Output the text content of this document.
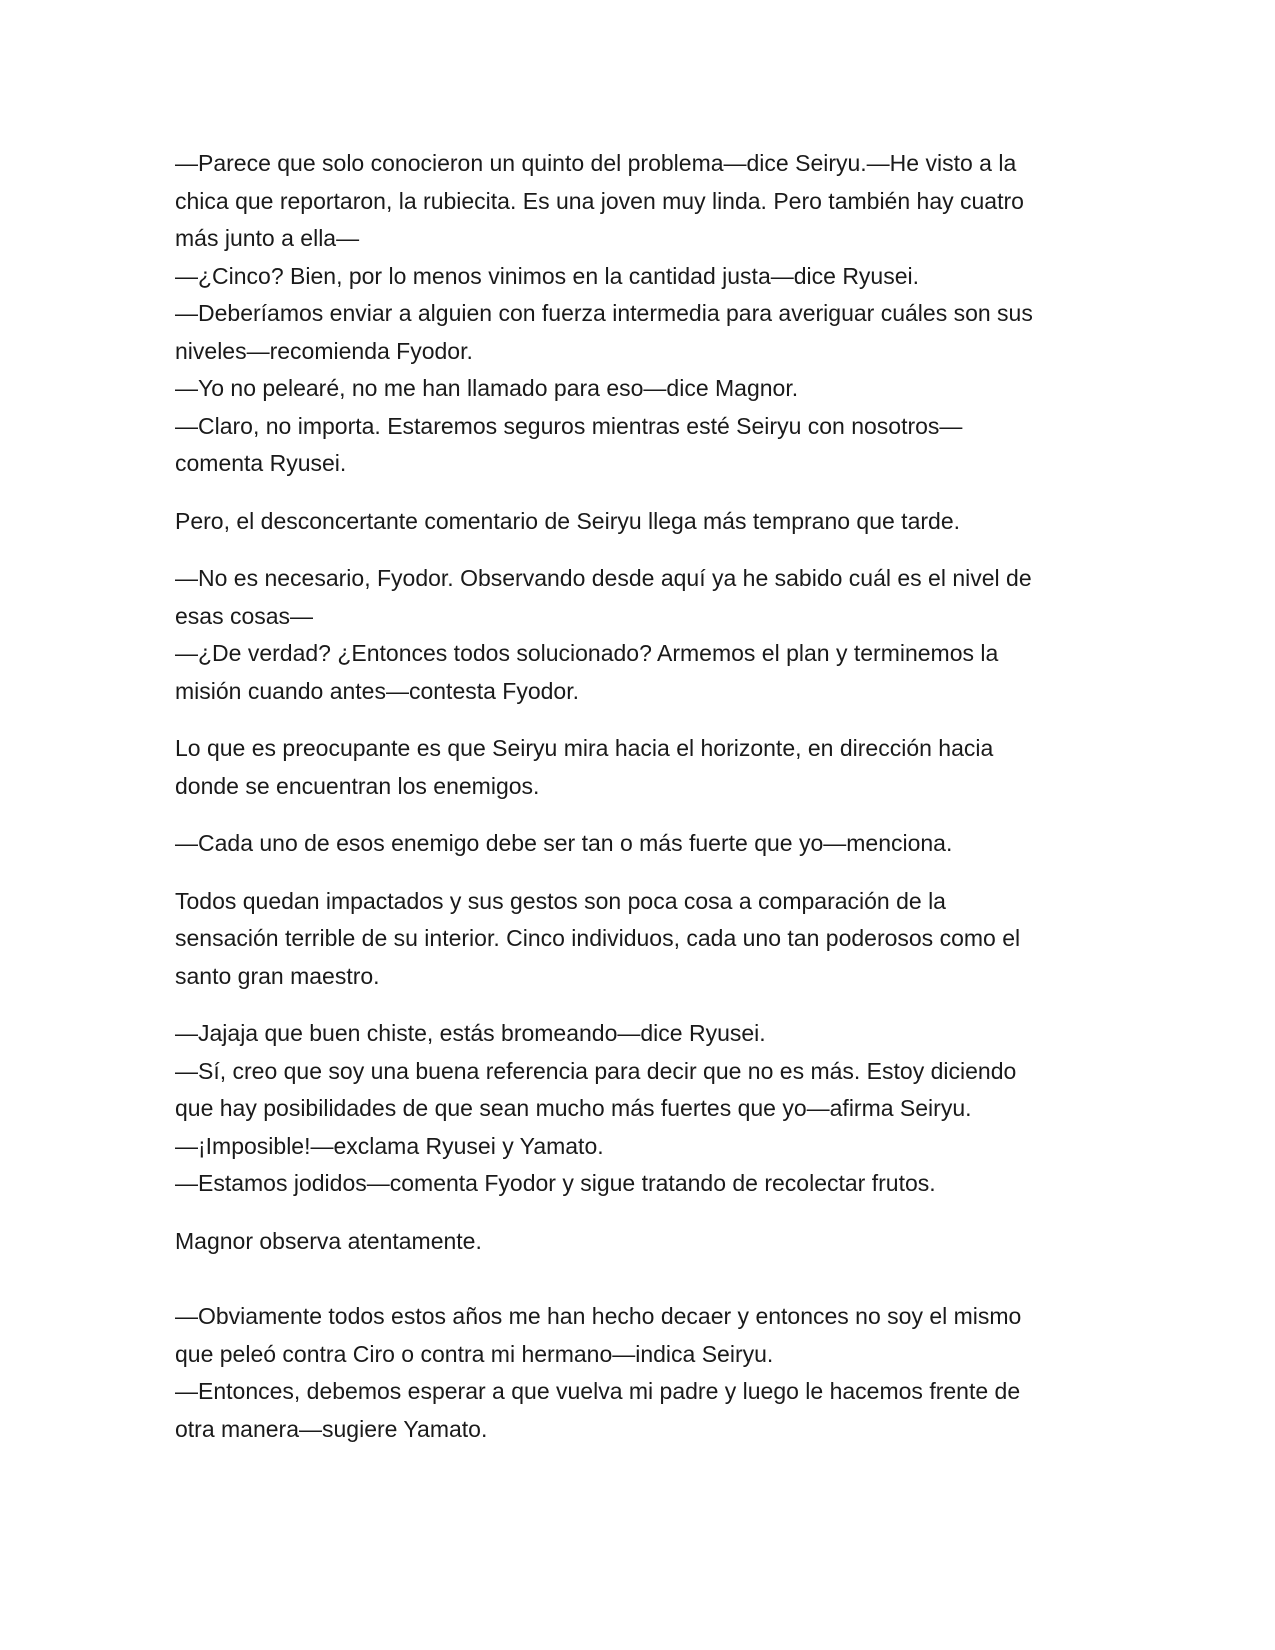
—Parece que solo conocieron un quinto del problema—dice Seiryu.—He visto a la
chica que reportaron, la rubiecita. Es una joven muy linda. Pero también hay cuatro
más junto a ella—
—¿Cinco? Bien, por lo menos vinimos en la cantidad justa—dice Ryusei.
—Deberíamos enviar a alguien con fuerza intermedia para averiguar cuáles son sus
niveles—recomienda Fyodor.
—Yo no pelearé, no me han llamado para eso—dice Magnor.
—Claro, no importa. Estaremos seguros mientras esté Seiryu con nosotros—
comenta Ryusei.

Pero, el desconcertante comentario de Seiryu llega más temprano que tarde.

—No es necesario, Fyodor. Observando desde aquí ya he sabido cuál es el nivel de
esas cosas—
—¿De verdad? ¿Entonces todos solucionado? Armemos el plan y terminemos la
misión cuando antes—contesta Fyodor.

Lo que es preocupante es que Seiryu mira hacia el horizonte, en dirección hacia
donde se encuentran los enemigos.

—Cada uno de esos enemigo debe ser tan o más fuerte que yo—menciona.

Todos quedan impactados y sus gestos son poca cosa a comparación de la
sensación terrible de su interior. Cinco individuos, cada uno tan poderosos como el
santo gran maestro.

—Jajaja que buen chiste, estás bromeando—dice Ryusei.
—Sí, creo que soy una buena referencia para decir que no es más. Estoy diciendo
que hay posibilidades de que sean mucho más fuertes que yo—afirma Seiryu.
—¡Imposible!—exclama Ryusei y Yamato.
—Estamos jodidos—comenta Fyodor y sigue tratando de recolectar frutos.

Magnor observa atentamente.

—Obviamente todos estos años me han hecho decaer y entonces no soy el mismo
que peleó contra Ciro o contra mi hermano—indica Seiryu.
—Entonces, debemos esperar a que vuelva mi padre y luego le hacemos frente de
otra manera—sugiere Yamato.
